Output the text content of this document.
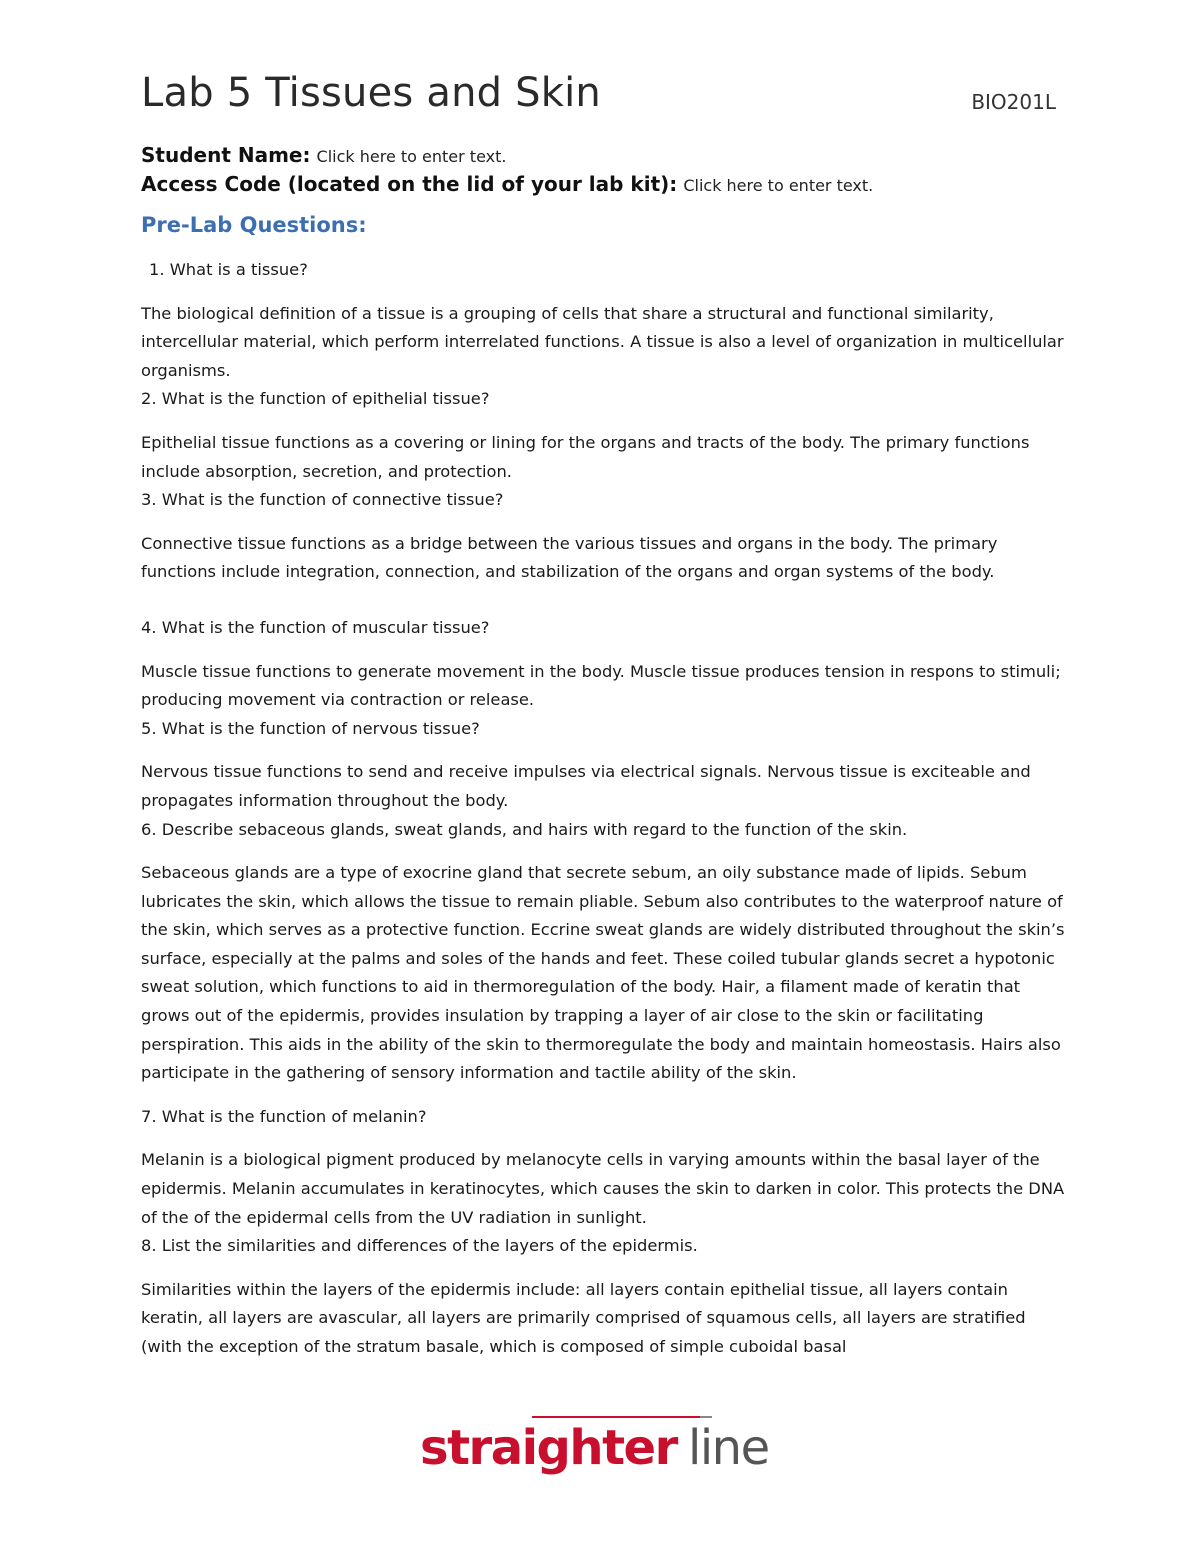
Lab 5 Tissues and Skin	BIO201L
Student Name: Click here to enter text.
Access Code (located on the lid of your lab kit): Click here to enter text.
Pre-Lab Questions:

1. What is a tissue?

The biological definition of a tissue is a grouping of cells that share a structural and functional similarity, intercellular material, which perform interrelated functions. A tissue is also a level of organization in multicellular organisms.

2. What is the function of epithelial tissue?

Epithelial tissue functions as a covering or lining for the organs and tracts of the body. The primary functions include absorption, secretion, and protection.

3. What is the function of connective tissue?

Connective tissue functions as a bridge between the various tissues and organs in the body. The primary functions include integration, connection, and stabilization of the organs and organ systems of the body.

4. What is the function of muscular tissue?

Muscle tissue functions to generate movement in the body. Muscle tissue produces tension in respons to stimuli; producing movement via contraction or release.

5. What is the function of nervous tissue?

Nervous tissue functions to send and receive impulses via electrical signals. Nervous tissue is exciteable and propagates information throughout the body.

6. Describe sebaceous glands, sweat glands, and hairs with regard to the function of the skin.

Sebaceous glands are a type of exocrine gland that secrete sebum, an oily substance made of lipids. Sebum lubricates the skin, which allows the tissue to remain pliable. Sebum also contributes to the waterproof nature of the skin, which serves as a protective function. Eccrine sweat glands are widely distributed throughout the skin’s surface, especially at the palms and soles of the hands and feet. These coiled tubular glands secret a hypotonic sweat solution, which functions to aid in thermoregulation of the body. Hair, a filament made of keratin that grows out of the epidermis, provides insulation by trapping a layer of air close to the skin or facilitating perspiration. This aids in the ability of the skin to thermoregulate the body and maintain homeostasis. Hairs also participate in the gathering of sensory information and tactile ability of the skin.

7. What is the function of melanin?

Melanin is a biological pigment produced by melanocyte cells in varying amounts within the basal layer of the epidermis. Melanin accumulates in keratinocytes, which causes the skin to darken in color. This protects the DNA of the of the epidermal cells from the UV radiation in sunlight.

8. List the similarities and differences of the layers of the epidermis.

Similarities within the layers of the epidermis include: all layers contain epithelial tissue, all layers contain keratin, all layers are avascular, all layers are primarily comprised of squamous cells, all layers are stratified (with the exception of the stratum basale, which is composed of simple cuboidal basal

straighter line
